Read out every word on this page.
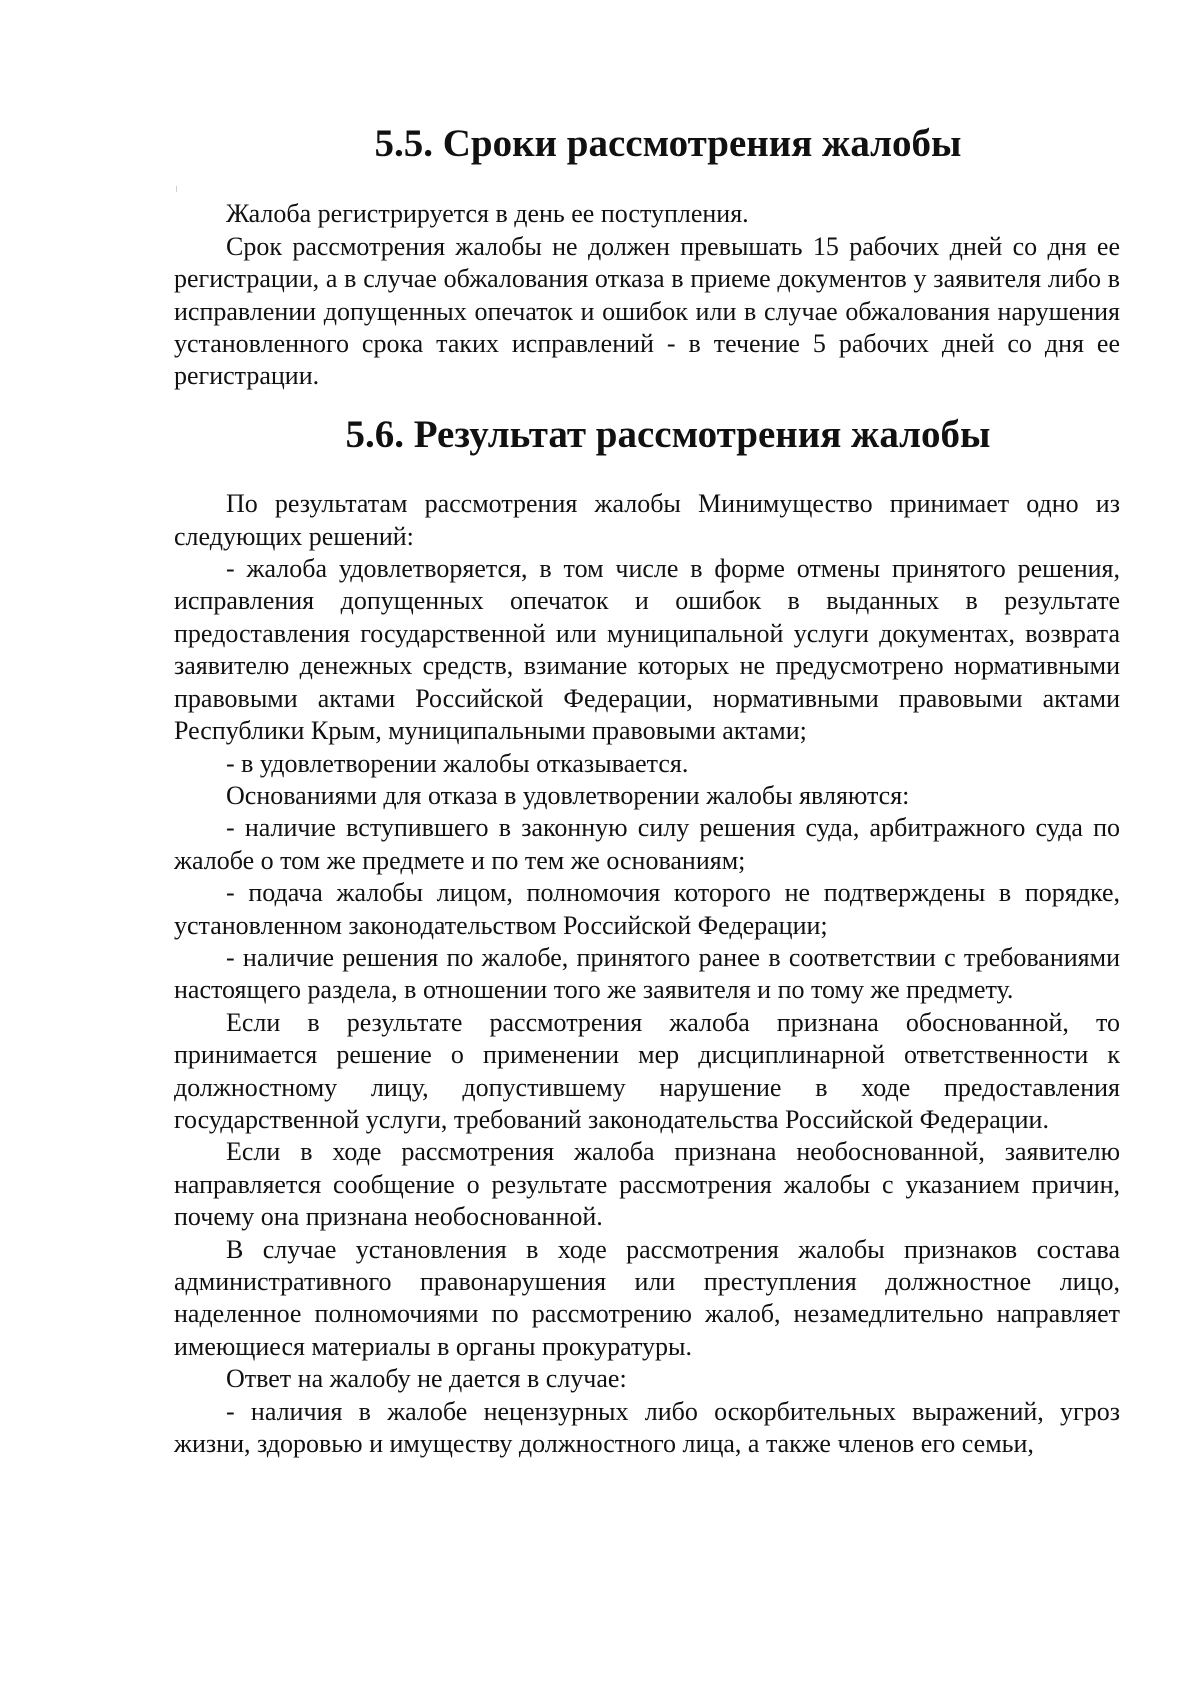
5.5. Сроки рассмотрения жалобы

Жалоба регистрируется в день ее поступления.

Срок рассмотрения жалобы не должен превышать 15 рабочих дней со дня ее регистрации, а в случае обжалования отказа в приеме документов у заявителя либо в исправлении допущенных опечаток и ошибок или в случае обжалования нарушения установленного срока таких исправлений - в течение 5 рабочих дней со дня ее регистрации.

5.6. Результат рассмотрения жалобы

По результатам рассмотрения жалобы Минимущество принимает одно из следующих решений:

- жалоба удовлетворяется, в том числе в форме отмены принятого решения, исправления допущенных опечаток и ошибок в выданных в результате предоставления государственной или муниципальной услуги документах, возврата заявителю денежных средств, взимание которых не предусмотрено нормативными правовыми актами Российской Федерации, нормативными правовыми актами Республики Крым, муниципальными правовыми актами;

- в удовлетворении жалобы отказывается.

Основаниями для отказа в удовлетворении жалобы являются:

- наличие вступившего в законную силу решения суда, арбитражного суда по жалобе о том же предмете и по тем же основаниям;

- подача жалобы лицом, полномочия которого не подтверждены в порядке, установленном законодательством Российской Федерации;

- наличие решения по жалобе, принятого ранее в соответствии с требованиями настоящего раздела, в отношении того же заявителя и по тому же предмету.

Если в результате рассмотрения жалоба признана обоснованной, то принимается решение о применении мер дисциплинарной ответственности к должностному лицу, допустившему нарушение в ходе предоставления государственной услуги, требований законодательства Российской Федерации.

Если в ходе рассмотрения жалоба признана необоснованной, заявителю направляется сообщение о результате рассмотрения жалобы с указанием причин, почему она признана необоснованной.

В случае установления в ходе рассмотрения жалобы признаков состава административного правонарушения или преступления должностное лицо, наделенное полномочиями по рассмотрению жалоб, незамедлительно направляет имеющиеся материалы в органы прокуратуры.

Ответ на жалобу не дается в случае:

- наличия в жалобе нецензурных либо оскорбительных выражений, угроз жизни, здоровью и имуществу должностного лица, а также членов его семьи,
